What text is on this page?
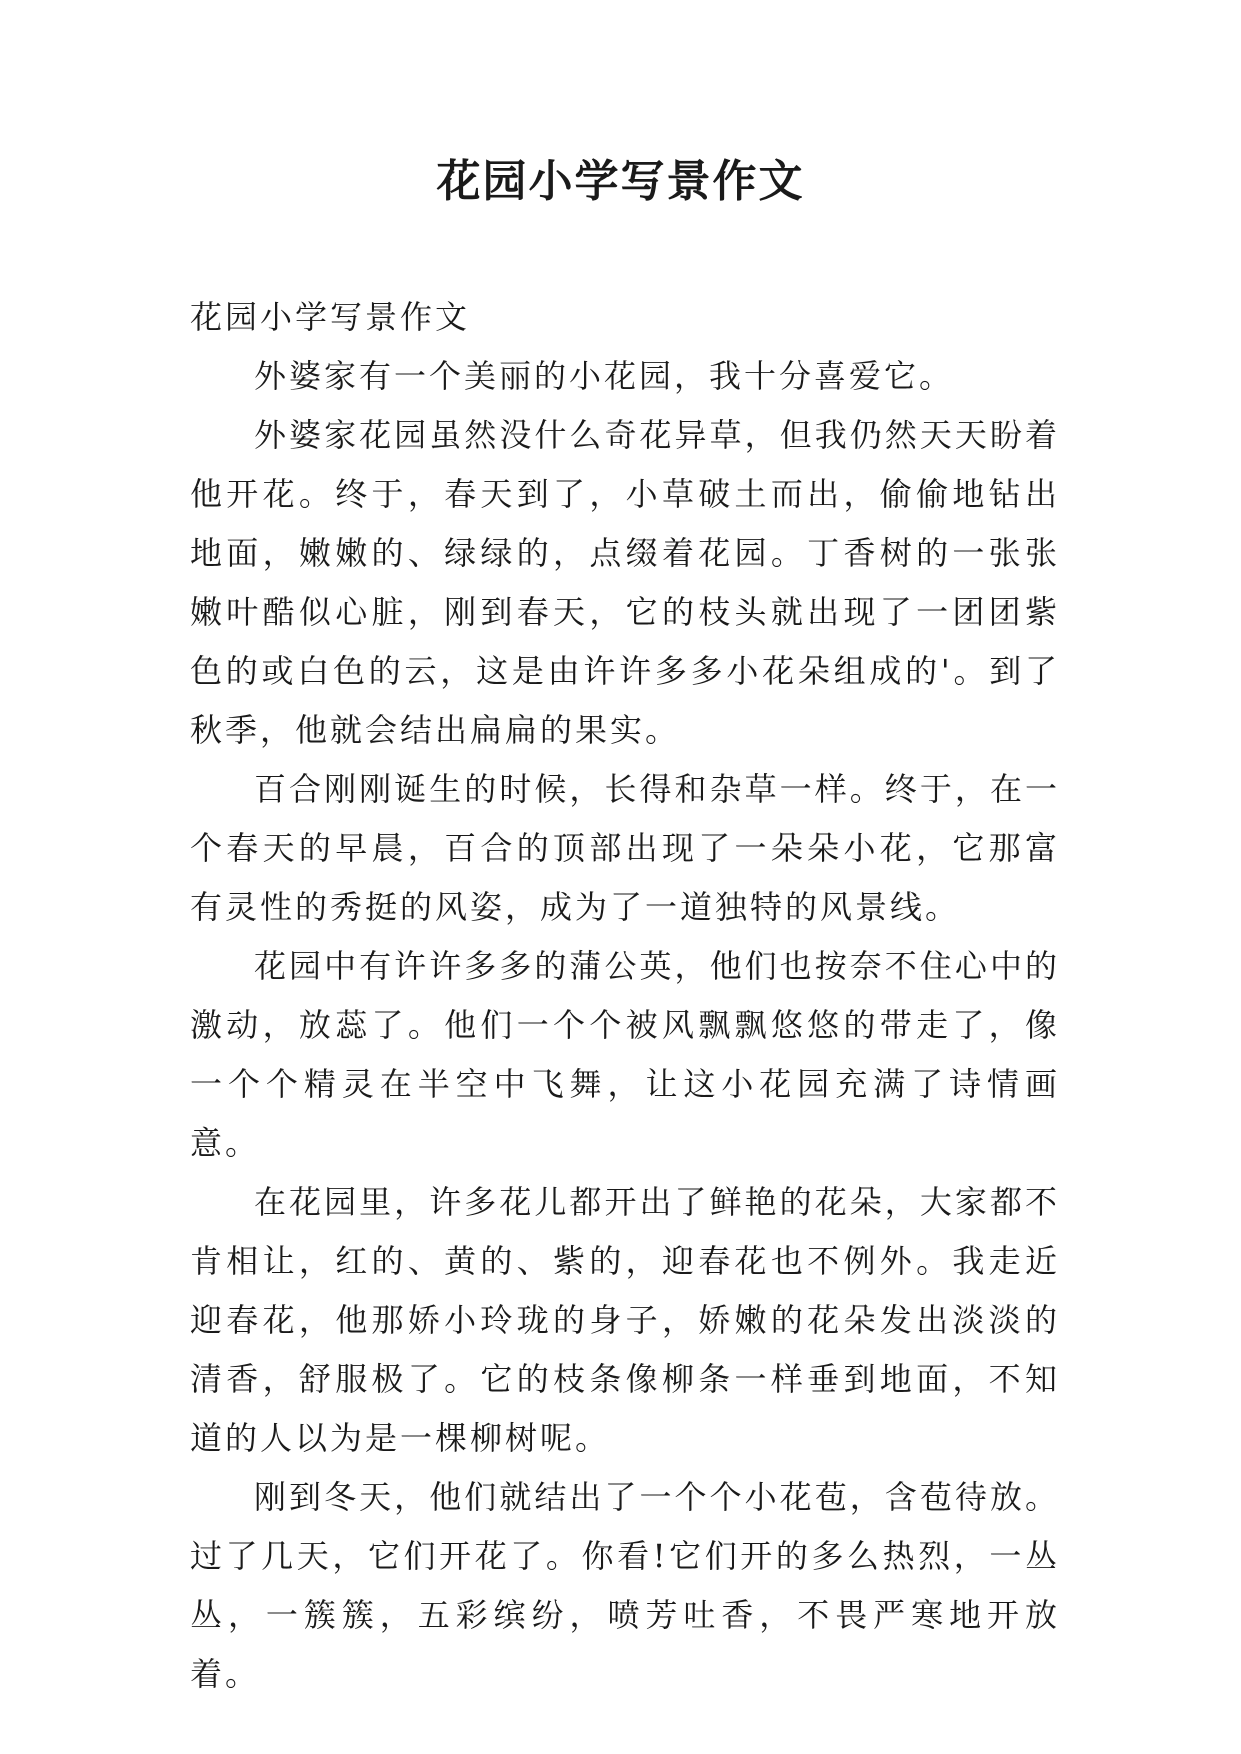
花园小学写景作文

花园小学写景作文

外婆家有一个美丽的小花园，我十分喜爱它。

外婆家花园虽然没什么奇花异草，但我仍然天天盼着他开花。终于，春天到了，小草破土而出，偷偷地钻出地面，嫩嫩的、绿绿的，点缀着花园。丁香树的一张张嫩叶酷似心脏，刚到春天，它的枝头就出现了一团团紫色的或白色的云，这是由许许多多小花朵组成的'。到了秋季，他就会结出扁扁的果实。

百合刚刚诞生的时候，长得和杂草一样。终于，在一个春天的早晨，百合的顶部出现了一朵朵小花，它那富有灵性的秀挺的风姿，成为了一道独特的风景线。

花园中有许许多多的蒲公英，他们也按奈不住心中的激动，放蕊了。他们一个个被风飘飘悠悠的带走了，像一个个精灵在半空中飞舞，让这小花园充满了诗情画意。

在花园里，许多花儿都开出了鲜艳的花朵，大家都不肯相让，红的、黄的、紫的，迎春花也不例外。我走近迎春花，他那娇小玲珑的身子，娇嫩的花朵发出淡淡的清香，舒服极了。它的枝条像柳条一样垂到地面，不知道的人以为是一棵柳树呢。

刚到冬天，他们就结出了一个个小花苞，含苞待放。过了几天，它们开花了。你看!它们开的多么热烈，一丛丛，一簇簇，五彩缤纷，喷芳吐香，不畏严寒地开放着。
